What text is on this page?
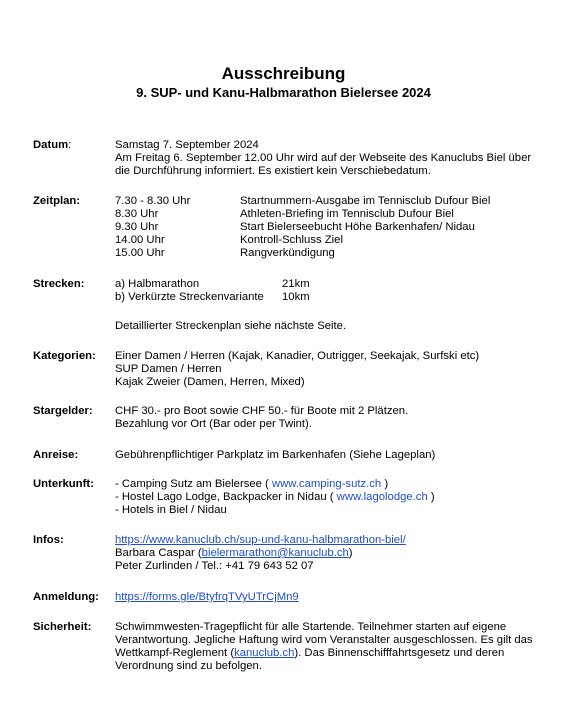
Ausschreibung
9. SUP- und Kanu-Halbmarathon Bielersee 2024
Datum:	Samstag 7. September 2024
Am Freitag 6. September 12.00 Uhr wird auf der Webseite des Kanuclubs Biel über
die Durchführung informiert. Es existiert kein Verschiebedatum.
Zeitplan:	7.30 - 8.30 Uhr	Startnummern-Ausgabe im Tennisclub Dufour Biel
8.30 Uhr	Athleten-Briefing im Tennisclub Dufour Biel
9.30 Uhr	Start Bielerseebucht Höhe Barkenhafen/ Nidau
14.00 Uhr	Kontroll-Schluss Ziel
15.00 Uhr	Rangverkündigung
Strecken:	a) Halbmarathon	21km
b) Verkürzte Streckenvariante 10km
Detaillierter Streckenplan siehe nächste Seite.
Kategorien: Einer Damen / Herren (Kajak, Kanadier, Outrigger, Seekajak, Surfski etc)
SUP Damen / Herren
Kajak Zweier (Damen, Herren, Mixed)
Stargelder: CHF 30.- pro Boot sowie CHF 50.- für Boote mit 2 Plätzen.
Bezahlung vor Ort (Bar oder per Twint).
Anreise:	Gebührenpflichtiger Parkplatz im Barkenhafen (Siehe Lageplan)
Unterkunft: - Camping Sutz am Bielersee ( www.camping-sutz.ch )
- Hostel Lago Lodge, Backpacker in Nidau ( www.lagolodge.ch )
- Hotels in Biel / Nidau
Infos:	https://www.kanuclub.ch/sup-und-kanu-halbmarathon-biel/
Barbara Caspar (bielermarathon@kanuclub.ch)
Peter Zurlinden / Tel.: +41 79 643 52 07
Anmeldung: https://forms.gle/BtyfrqTVyUTrCjMn9
Sicherheit: Schwimmwesten-Tragepflicht für alle Startende. Teilnehmer starten auf eigene
Verantwortung. Jegliche Haftung wird vom Veranstalter ausgeschlossen. Es gilt das
Wettkampf-Reglement (kanuclub.ch). Das Binnenschifffahrtsgesetz und deren
Verordnung sind zu befolgen.
